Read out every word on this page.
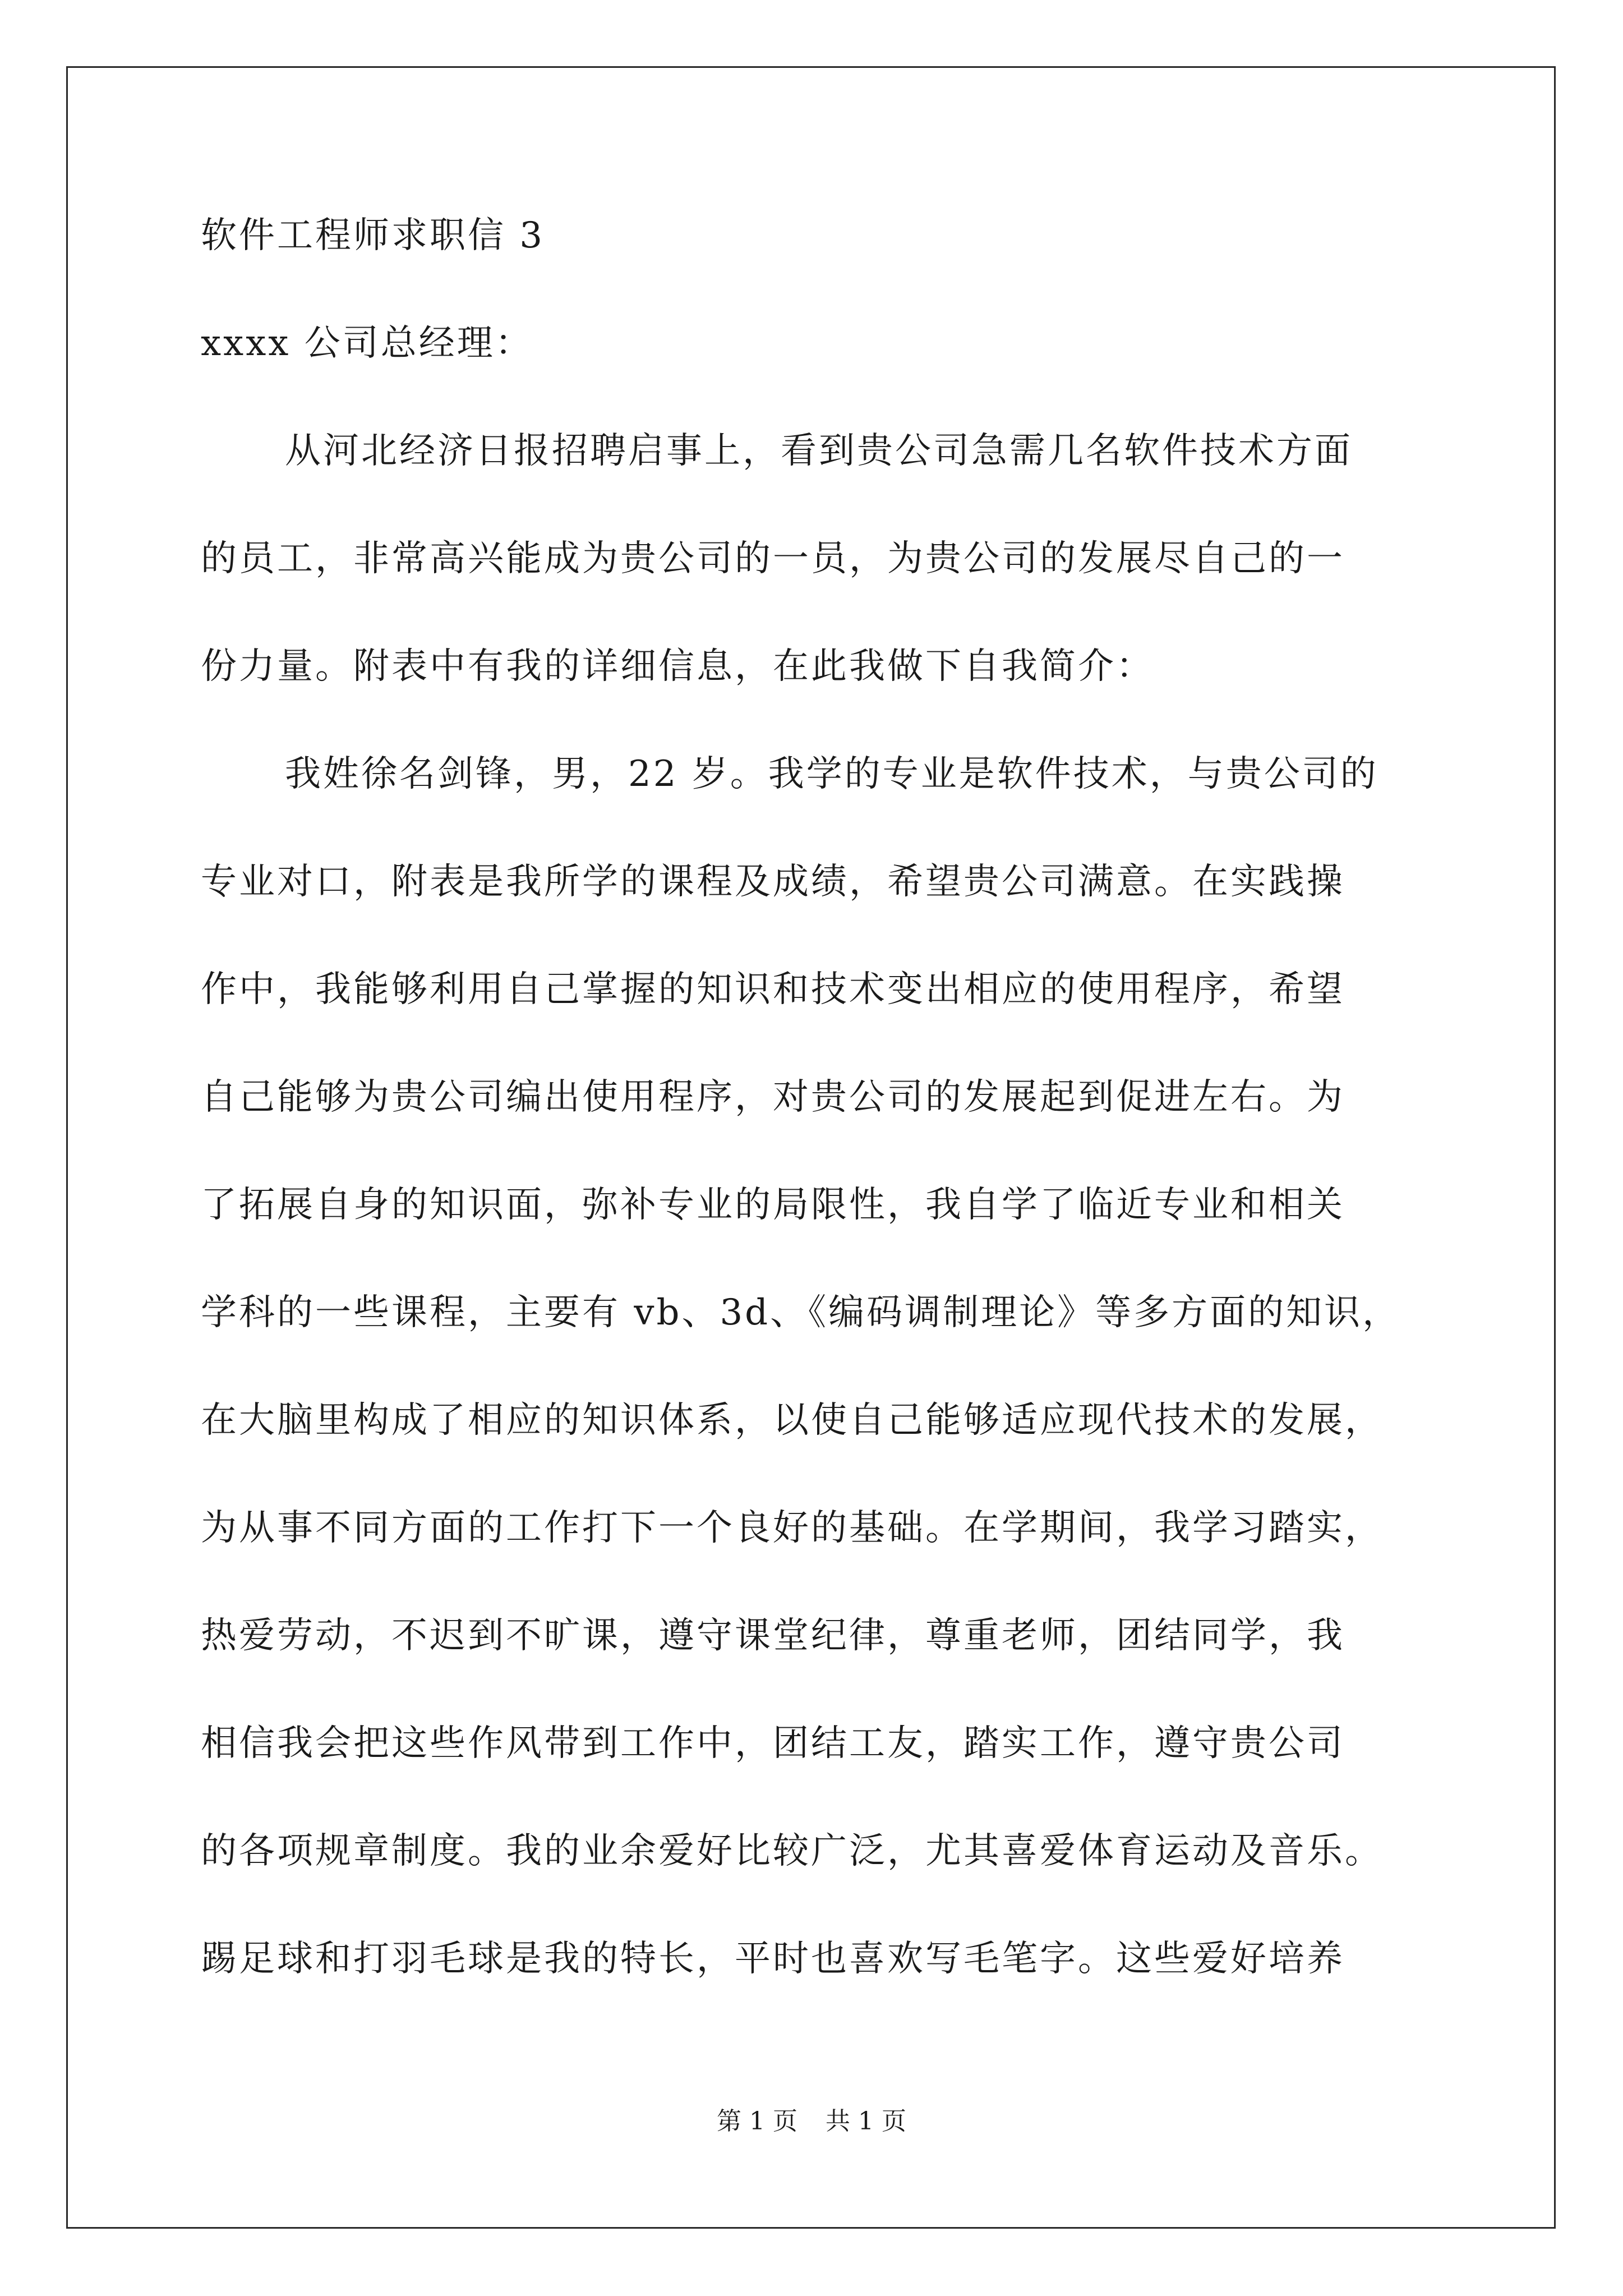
软件工程师求职信 3
xxxx 公司总经理：
从河北经济日报招聘启事上，看到贵公司急需几名软件技术方面
的员工，非常高兴能成为贵公司的一员，为贵公司的发展尽自己的一
份力量。附表中有我的详细信息，在此我做下自我简介：
我姓徐名剑锋，男，22 岁。我学的专业是软件技术，与贵公司的
专业对口，附表是我所学的课程及成绩，希望贵公司满意。在实践操
作中，我能够利用自己掌握的知识和技术变出相应的使用程序，希望
自己能够为贵公司编出使用程序，对贵公司的发展起到促进左右。为
了拓展自身的知识面，弥补专业的局限性，我自学了临近专业和相关
学科的一些课程，主要有 vb、3d、《编码调制理论》等多方面的知识，
在大脑里构成了相应的知识体系，以使自己能够适应现代技术的发展，
为从事不同方面的工作打下一个良好的基础。在学期间，我学习踏实，
热爱劳动，不迟到不旷课，遵守课堂纪律，尊重老师，团结同学，我
相信我会把这些作风带到工作中，团结工友，踏实工作，遵守贵公司
的各项规章制度。我的业余爱好比较广泛，尤其喜爱体育运动及音乐。
踢足球和打羽毛球是我的特长，平时也喜欢写毛笔字。这些爱好培养
第 1 页 共 1 页
